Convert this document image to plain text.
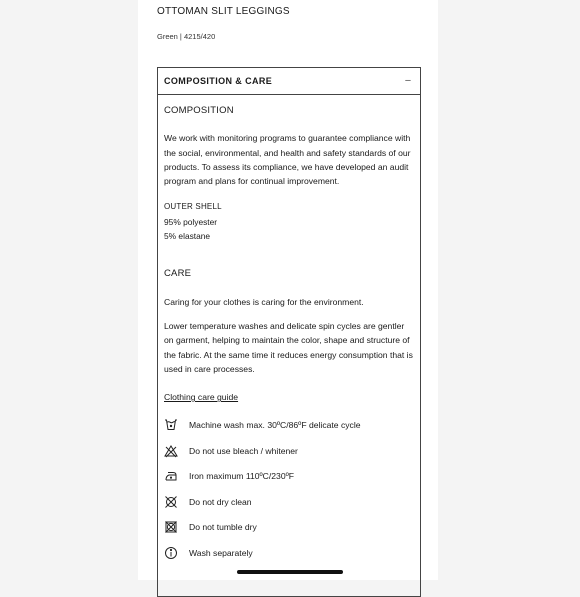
OTTOMAN SLIT LEGGINGS
Green | 4215/420
COMPOSITION & CARE	−
COMPOSITION

We work with monitoring programs to guarantee compliance with the social, environmental, and health and safety standards of our products. To assess its compliance, we have developed an audit program and plans for continual improvement.

OUTER SHELL
95% polyester
5% elastane
CARE

Caring for your clothes is caring for the environment.

Lower temperature washes and delicate spin cycles are gentler on garment, helping to maintain the color, shape and structure of the fabric. At the same time it reduces energy consumption that is used in care processes.

Clothing care guide
Machine wash max. 30ºC/86ºF delicate cycle
Do not use bleach / whitener
Iron maximum 110ºC/230ºF
Do not dry clean
Do not tumble dry
Wash separately
